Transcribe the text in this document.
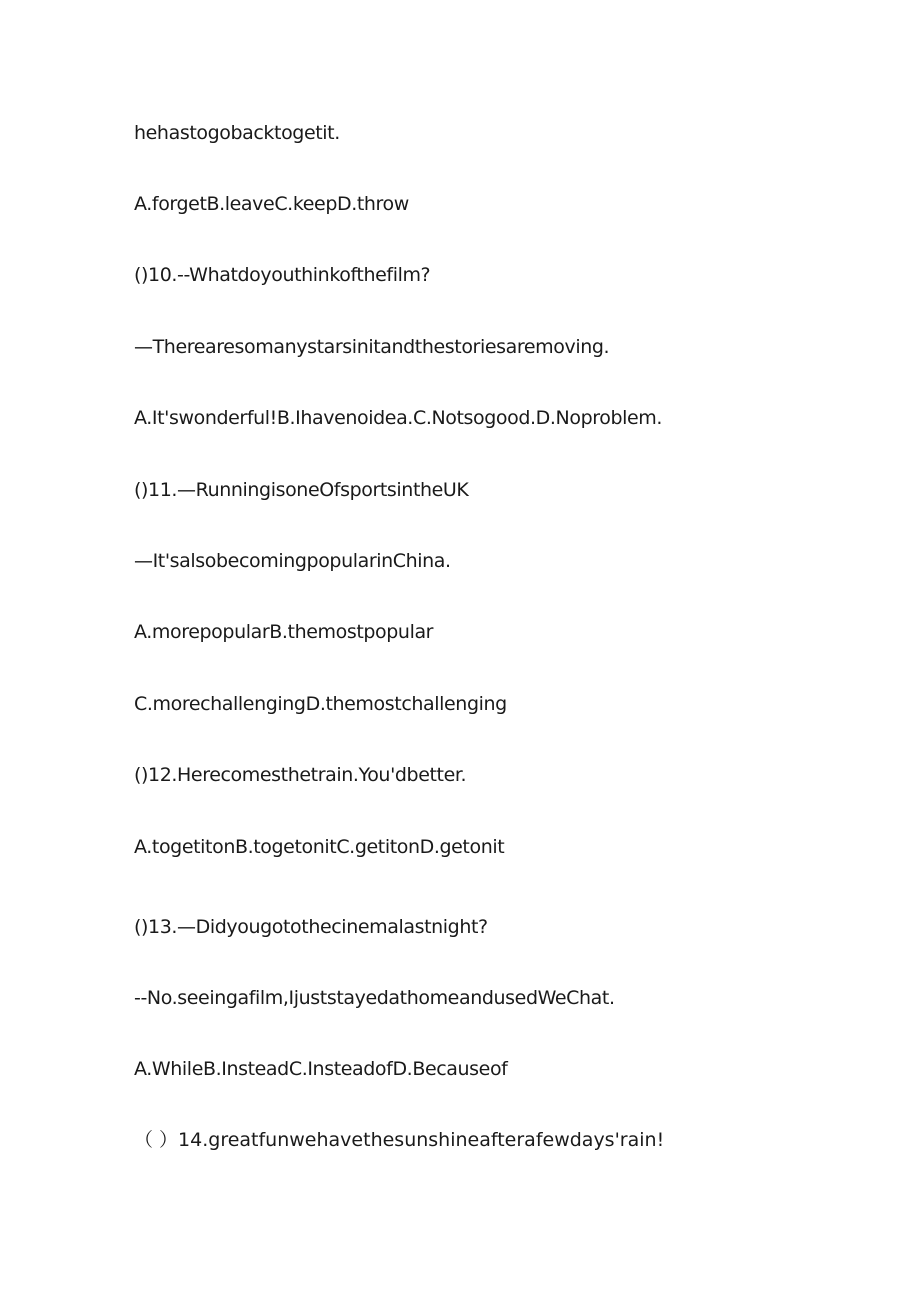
hehastogobacktogetit.
A.forgetB.leaveC.keepD.throw
()10.--Whatdoyouthinkofthefilm?
—Therearesomanystarsinitandthestoriesaremoving.
A.It'swonderful!B.Ihavenoidea.C.Notsogood.D.Noproblem.
()11.—RunningisoneOfsportsintheUK
—It'salsobecomingpopularinChina.
A.morepopularB.themostpopular
C.morechallengingD.themostchallenging
()12.Herecomesthetrain.You'dbetter.
A.togetitonB.togetonitC.getitonD.getonit
()13.—Didyougotothecinemalastnight?
--No.seeingafilm,IjuststayedathomeandusedWeChat.
A.WhileB.InsteadC.InsteadofD.Becauseof
（ ）14.greatfunwehavethesunshineafterafewdays'rain!
